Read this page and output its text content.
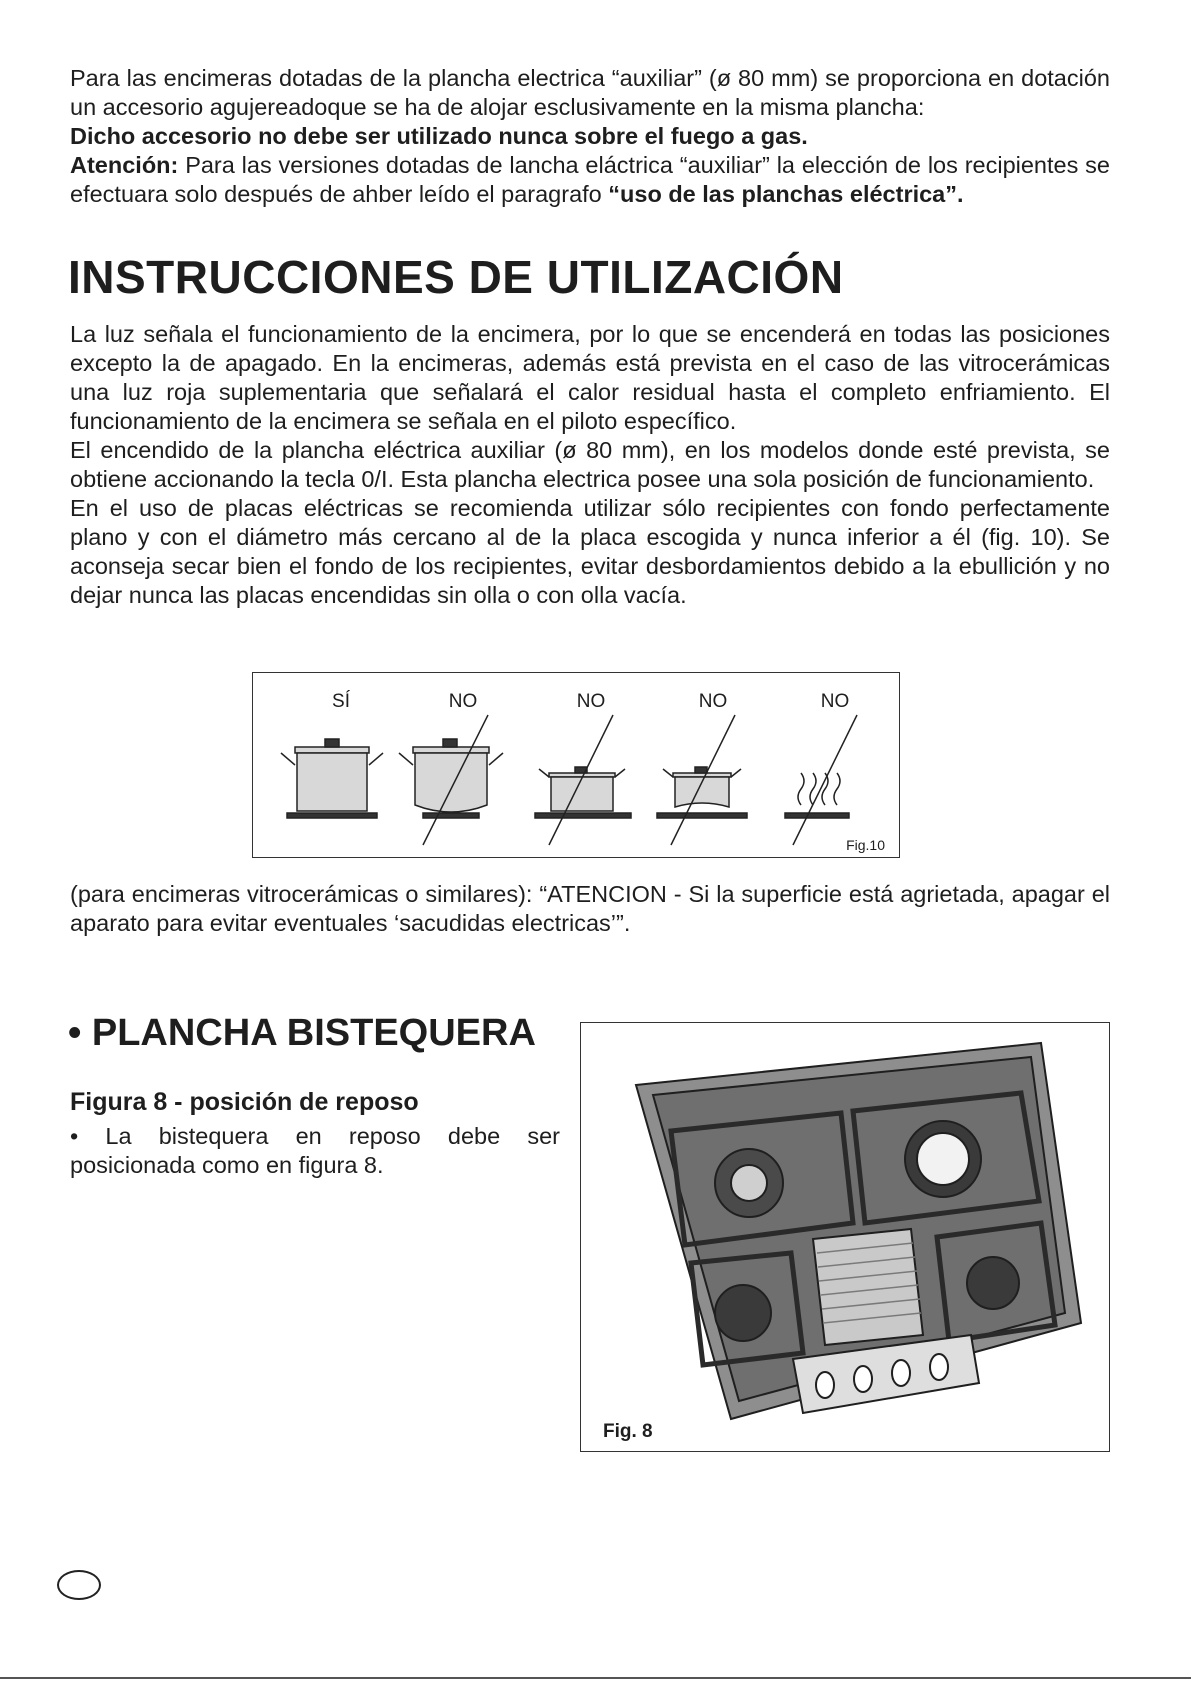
Para las encimeras dotadas de la plancha electrica “auxiliar” (ø 80 mm) se proporciona en dotación un accesorio agujereadoque se ha de alojar esclusivamente en la misma plancha:

Dicho accesorio no debe ser utilizado nunca sobre el fuego a gas.

Atención: Para las versiones dotadas de lancha eláctrica “auxiliar” la elección de los recipientes se efectuara solo después de ahber leído el paragrafo “uso de las planchas eléctrica”.

INSTRUCCIONES DE UTILIZACIÓN

La luz señala el funcionamiento de la encimera, por lo que se encenderá en todas las posiciones excepto la de apagado. En la encimeras, además está prevista en el caso de las vitrocerámicas una luz roja suplementaria que señalará el calor residual hasta el completo enfriamiento. El funcionamiento de la encimera se señala en el piloto específico.

El encendido de la plancha eléctrica auxiliar (ø 80 mm), en los modelos donde esté prevista, se obtiene accionando la tecla 0/I. Esta plancha electrica posee una sola posición de funcionamiento.

En el uso de placas eléctricas se recomienda utilizar sólo recipientes con fondo perfectamente plano y con el diámetro más cercano al de la placa escogida y nunca inferior a él (fig. 10). Se aconseja secar bien el fondo de los recipientes, evitar desbordamientos debido a la ebullición y no dejar nunca las placas encendidas sin olla o con olla vacía.

SÍ	NO	NO	NO	NO
Fig.10

(para encimeras vitrocerámicas o similares): “ATENCION - Si la superficie está agrietada, apagar el aparato para evitar eventuales ‘sacudidas electricas’”.

• PLANCHA BISTEQUERA
Figura 8 - posición de reposo

• La bistequera en reposo debe ser posicionada como en figura 8.

Fig. 8
